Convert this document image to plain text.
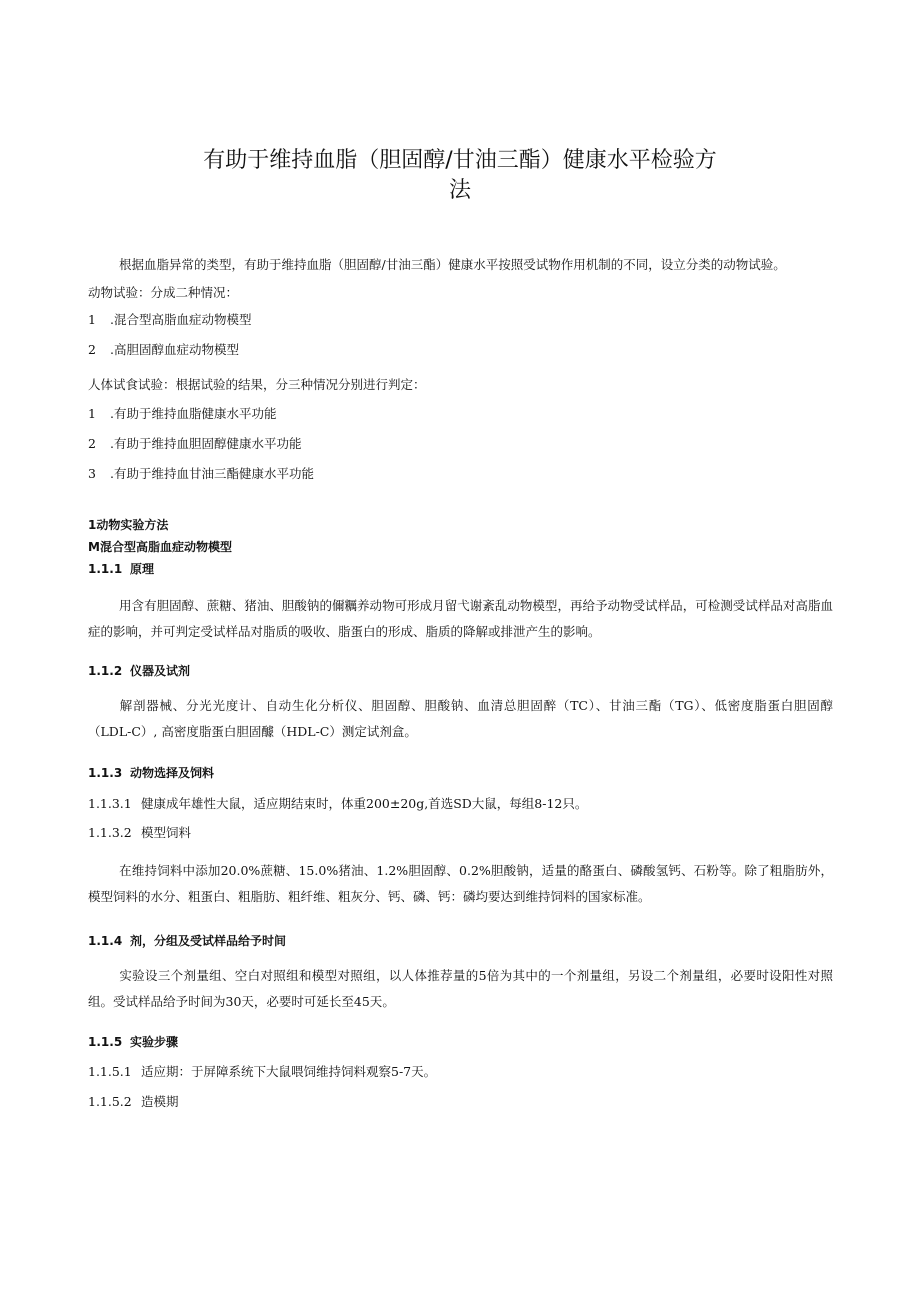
有助于维持血脂（胆固醇/甘油三酯）健康水平检验方
法
根据血脂异常的类型，有助于维持血脂（胆固醇/甘油三酯）健康水平按照受试物作用机制的不同，设立分类的动物试验。
动物试验：分成二种情况：
1 .混合型高脂血症动物模型
2 .高胆固醇血症动物模型
人体试食试验：根据试验的结果，分三种情况分别进行判定：
1 .有助于维持血脂健康水平功能
2 .有助于维持血胆固醇健康水平功能
3 .有助于维持血甘油三酯健康水平功能
1动物实验方法
M混合型高脂血症动物模型
1.1.1 原理
用含有胆固醇、蔗糖、猪油、胆酸钠的儞糲养动物可形成月留弋谢紊乱动物模型，再给予动物受试样品，可检测受试样品对高脂血症的影响，并可判定受试样品对脂质的吸收、脂蛋白的形成、脂质的降解或排泄产生的影响。
1.1.2 仪器及试剂
解剖器械、分光光度计、自动生化分析仪、胆固醇、胆酸钠、血清总胆固醉（TC）、甘油三酯（TG）、低密度脂蛋白胆固醇（LDL-C）, 高密度脂蛋白胆固醵（HDL-C）测定试剂盒。
1.1.3 动物选择及饲料
1.1.3.1 健康成年雄性大鼠，适应期结束时，体重200±20g,首选SD大鼠，每组8-12只。
1.1.3.2 模型饲料
在维持饲料中添加20.0%蔗糖、15.0%猪油、1.2%胆固醇、0.2%胆酸钠，适量的酪蛋白、磷酸氢钙、石粉等。除了粗脂肪外，模型饲料的水分、粗蛋白、粗脂肪、粗纤维、粗灰分、钙、磷、钙：磷均要达到维持饲料的国家标准。
1.1.4 剂，分组及受试样品给予时间
实验设三个剂量组、空白对照组和模型对照组，以人体推荐量的5倍为其中的一个剂量组，另设二个剂量组，必要时设阳性对照组。受试样品给予时间为30天，必要时可延长至45天。
1.1.5 实验步骤
1.1.5.1 适应期：于屏障系统下大鼠喂饲维持饲料观察5-7天。
1.1.5.2 造模期
